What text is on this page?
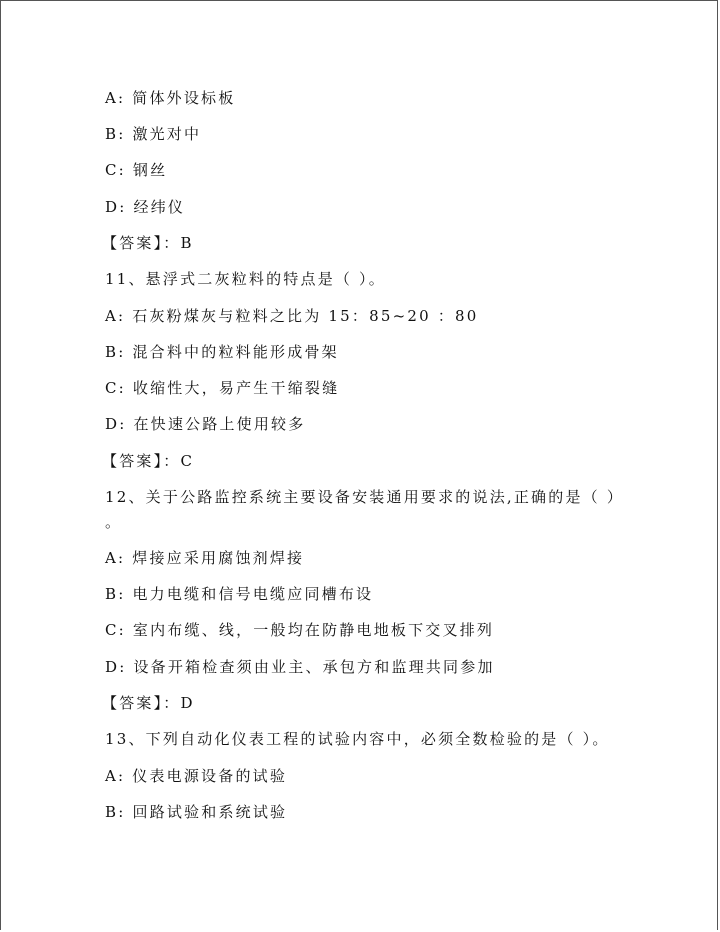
A: 简体外设标板
B: 激光对中
C: 钢丝
D: 经纬仪
【答案】：B
11、悬浮式二灰粒料的特点是（ ）。
A: 石灰粉煤灰与粒料之比为 15：85~20 ：80
B: 混合料中的粒料能形成骨架
C: 收缩性大，易产生干缩裂缝
D: 在快速公路上使用较多
【答案】：C
12、关于公路监控系统主要设备安装通用要求的说法,正确的是（ ）
。
A: 焊接应采用腐蚀剂焊接
B: 电力电缆和信号电缆应同槽布设
C: 室内布缆、线，一般均在防静电地板下交叉排列
D: 设备开箱检查须由业主、承包方和监理共同参加
【答案】：D
13、下列自动化仪表工程的试验内容中，必须全数检验的是（ ）。
A: 仪表电源设备的试验
B: 回路试验和系统试验
